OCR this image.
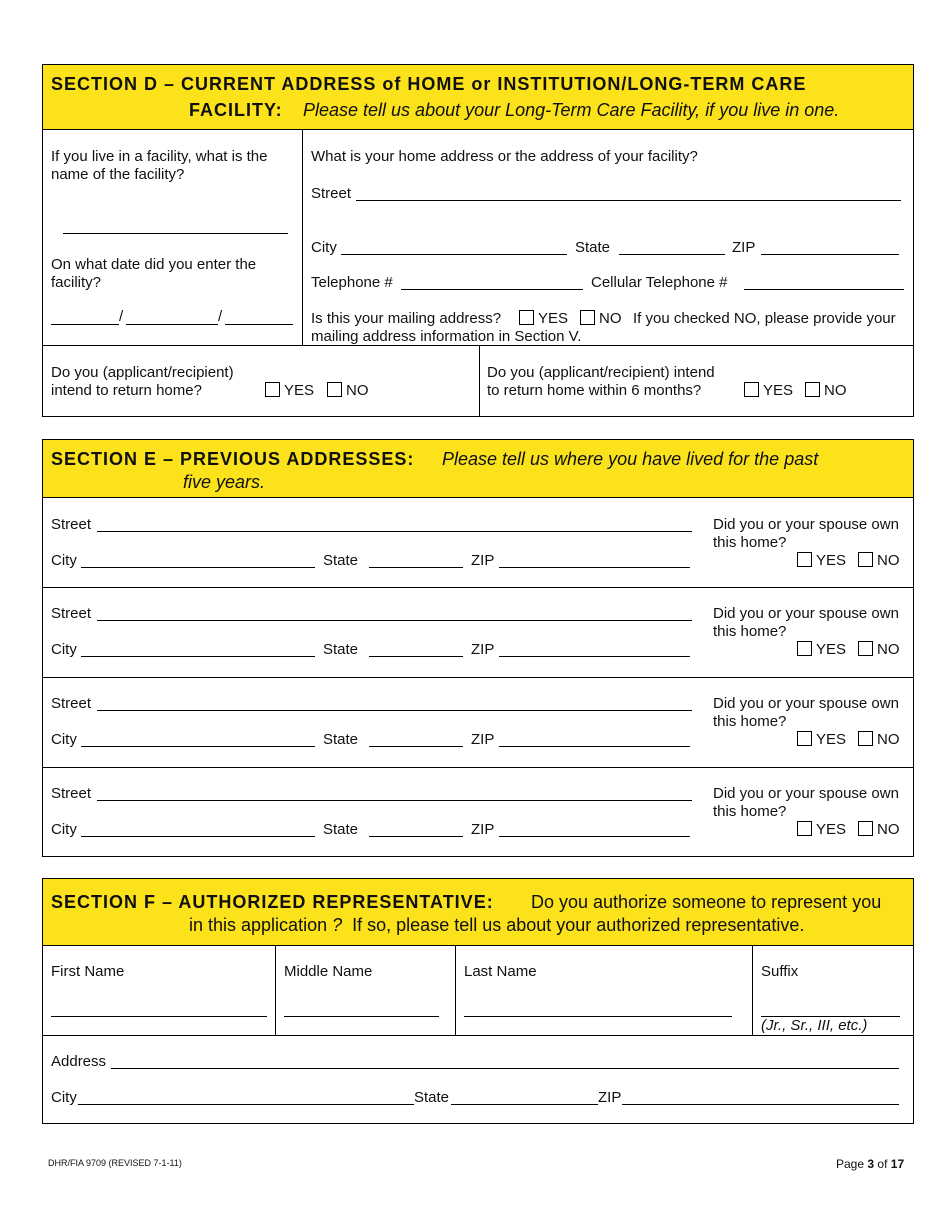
SECTION D – CURRENT ADDRESS of HOME or INSTITUTION/LONG-TERM CARE
FACILITY: Please tell us about your Long-Term Care Facility, if you live in one.
If you live in a facility, what is the
name of the facility?
On what date did you enter the
facility?
/	/
What is your home address or the address of your facility?
Street
City	State	ZIP
Telephone #	Cellular Telephone #
Is this your mailing address?	YES	NO If you checked NO, please provide your
mailing address information in Section V.
Do you (applicant/recipient)
intend to return home?	YES	NO
Do you (applicant/recipient) intend
to return home within 6 months?	YES	NO
SECTION E – PREVIOUS ADDRESSES: Please tell us where you have lived for the past
five years.
Street
City	State	ZIP
Did you or your spouse own
this home?
YES	NO
Street
City	State	ZIP
Did you or your spouse own
this home?
YES	NO
Street
City	State	ZIP
Did you or your spouse own
this home?
YES	NO
Street
City	State	ZIP
Did you or your spouse own
this home?
YES	NO
SECTION F – AUTHORIZED REPRESENTATIVE: Do you authorize someone to represent you
in this application ? If so, please tell us about your authorized representative.
First Name	Middle Name	Last Name	Suffix
(Jr., Sr., III, etc.)
Address
City	State	ZIP
DHR/FIA 9709 (REVISED 7-1-11)	Page 3 of 17
